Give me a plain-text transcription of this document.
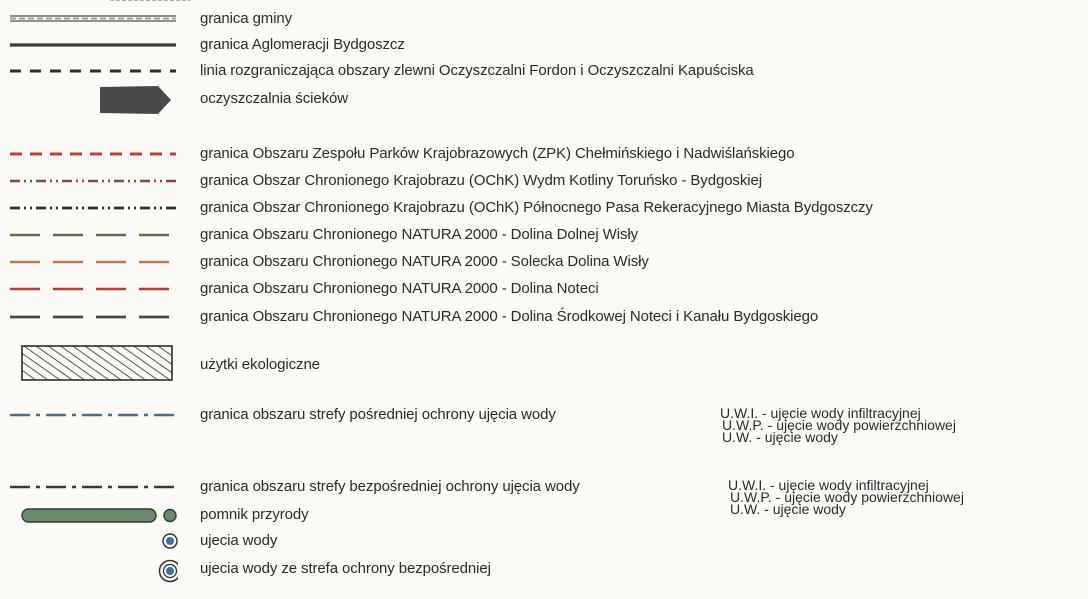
granica gminy
granica Aglomeracji Bydgoszcz
linia rozgraniczająca obszary zlewni Oczyszczalni Fordon i Oczyszczalni Kapuściska
oczyszczalnia ścieków
granica Obszaru Zespołu Parków Krajobrazowych (ZPK) Chełmińskiego i Nadwiślańskiego
granica Obszar Chronionego Krajobrazu (OChK) Wydm Kotliny Toruńsko - Bydgoskiej
granica Obszar Chronionego Krajobrazu (OChK) Północnego Pasa Rekeracyjnego Miasta Bydgoszczy
granica Obszaru Chronionego NATURA 2000 - Dolina Dolnej Wisły
granica Obszaru Chronionego NATURA 2000 - Solecka Dolina Wisły
granica Obszaru Chronionego NATURA 2000 - Dolina Noteci
granica Obszaru Chronionego NATURA 2000 - Dolina Środkowej Noteci i Kanału Bydgoskiego
użytki ekologiczne
granica obszaru strefy pośredniej ochrony ujęcia wody	U.W.I. - ujęcie wody infiltracyjnej
U.W.P. - ujęcie wody powierzchniowej
U.W. - ujęcie wody
granica obszaru strefy bezpośredniej ochrony ujęcia wody	U.W.I. - ujęcie wody infiltracyjnej
U.W.P. - ujęcie wody powierzchniowej
U.W. - ujęcie wody
pomnik przyrody
ujecia wody
ujecia wody ze strefa ochrony bezpośredniej
